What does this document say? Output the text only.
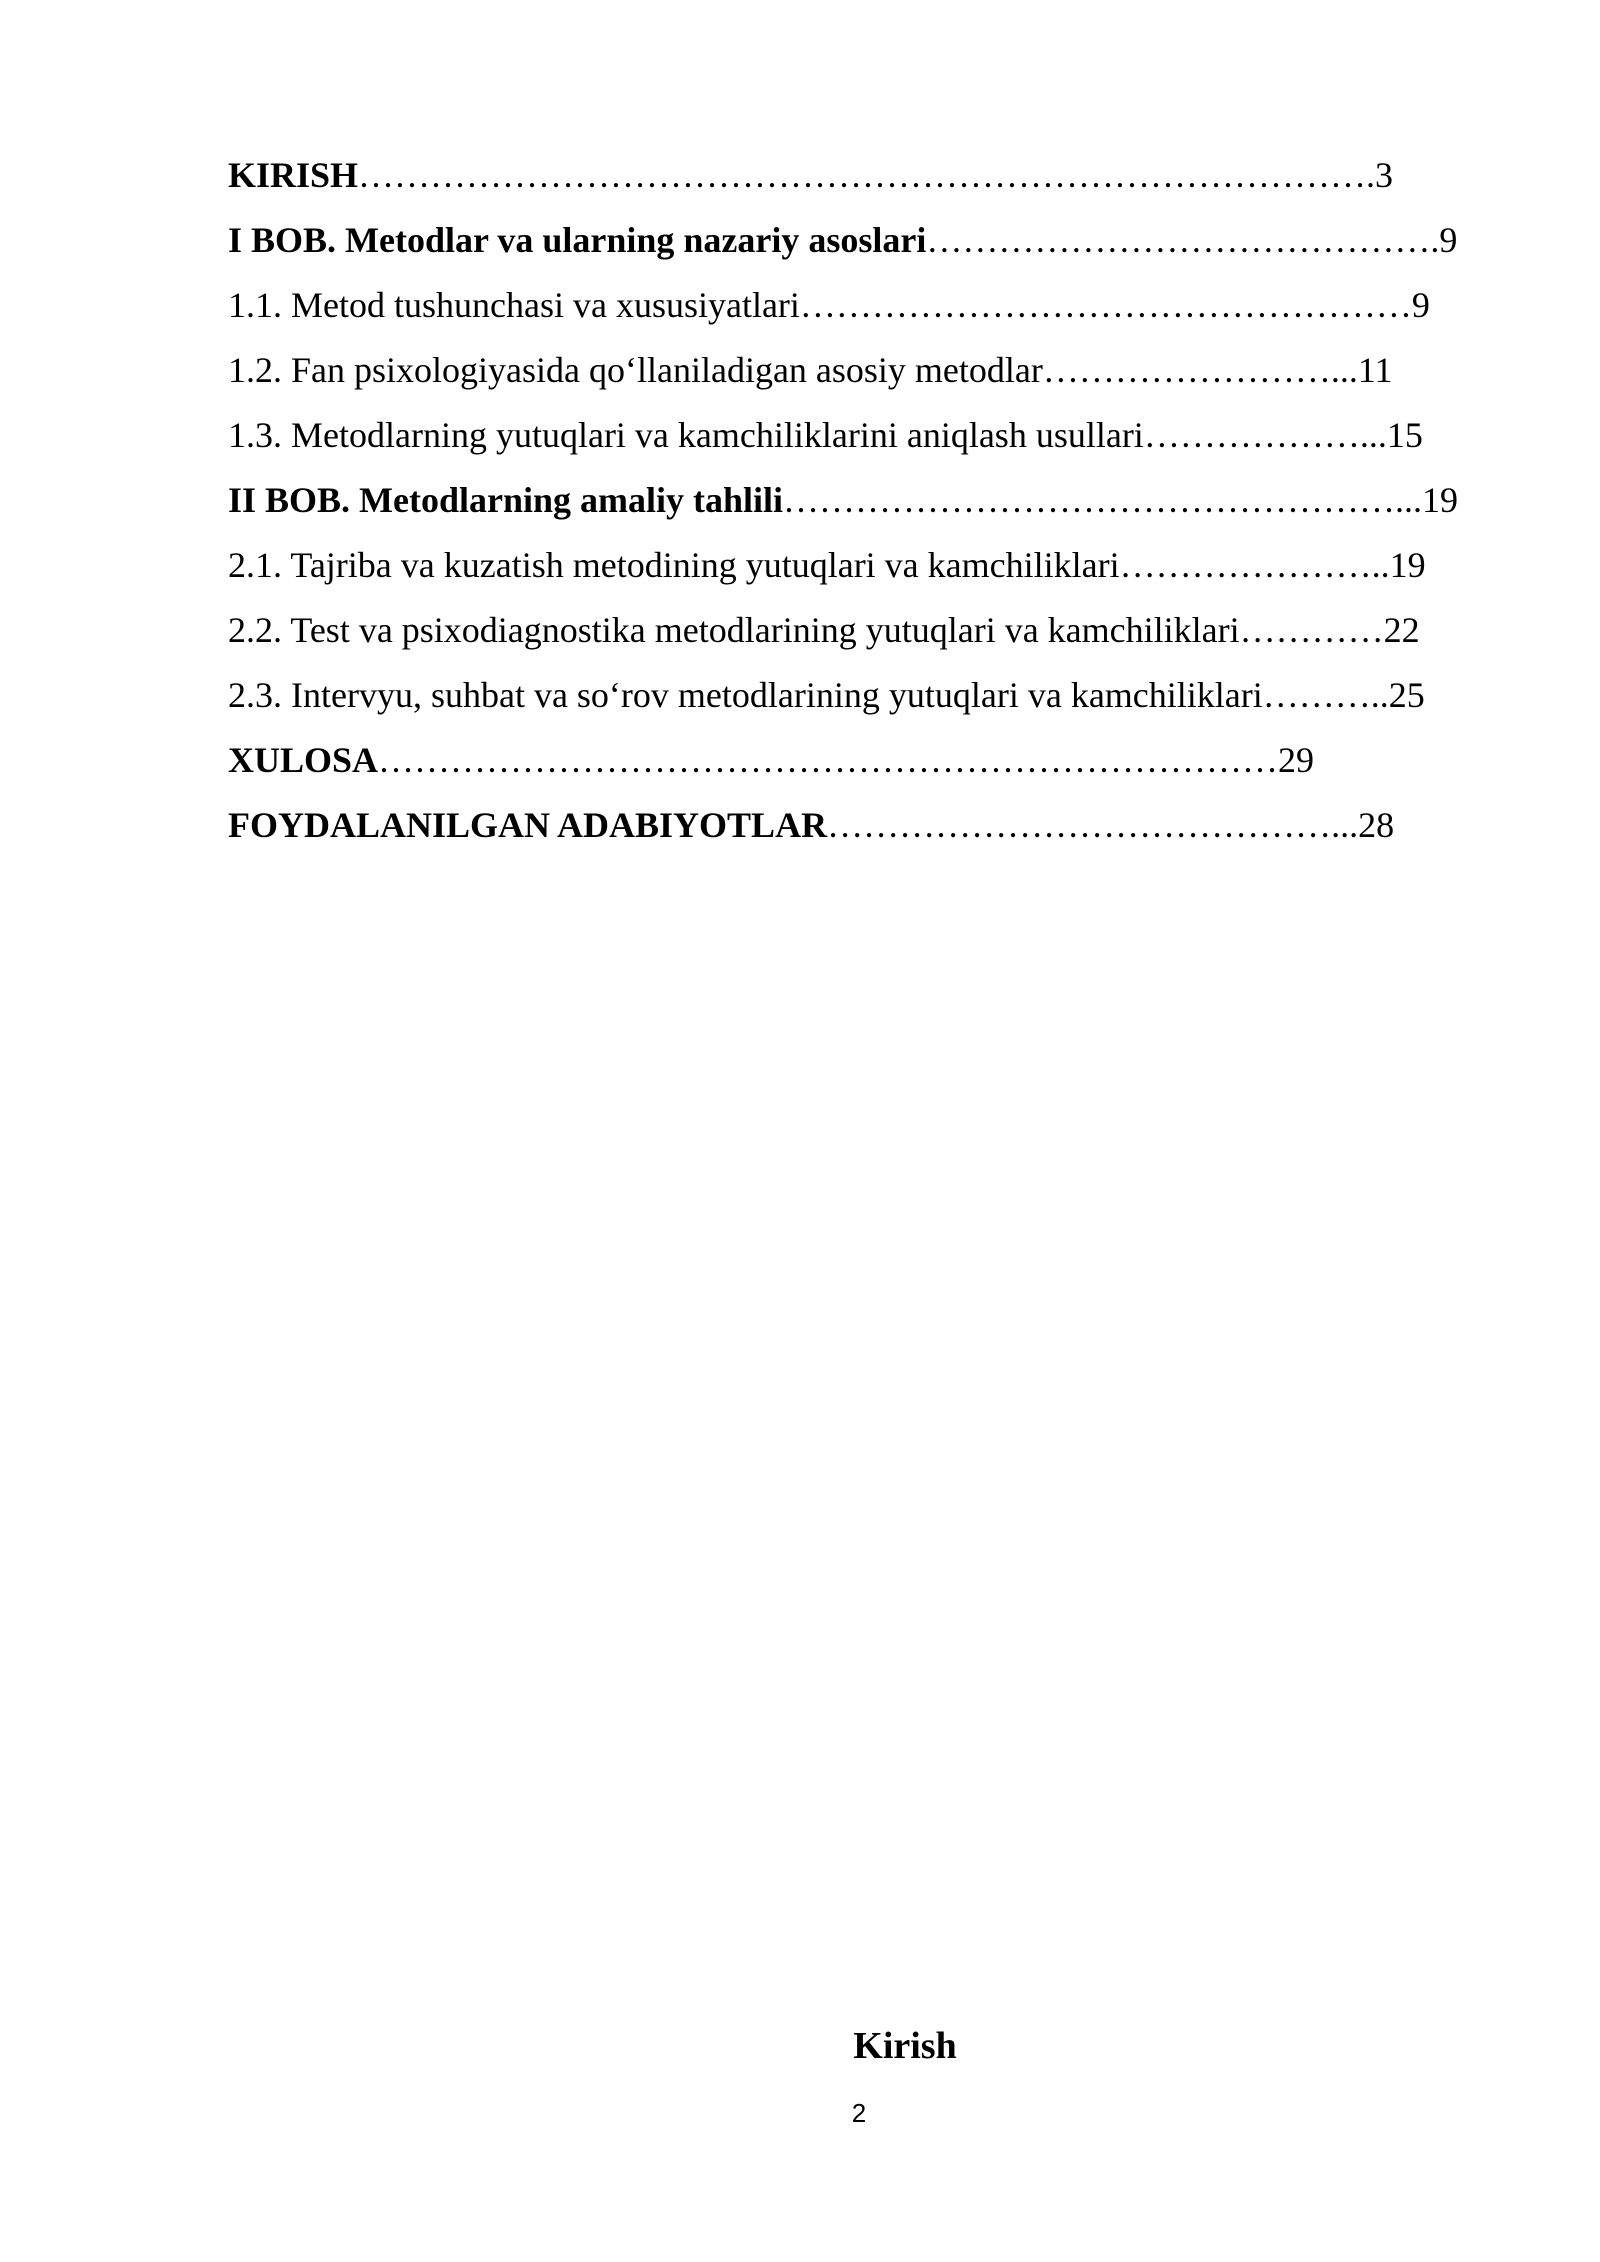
KIRISH………………………………………………………………………….3
I BOB. Metodlar va ularning nazariy asoslari…………………………………….9
1.1. Metod tushunchasi va xususiyatlari……………………………………………9
1.2. Fan psixologiyasida qo‘llaniladigan asosiy metodlar……………………...11
1.3. Metodlarning yutuqlari va kamchiliklarini aniqlash usullari………………...15
II BOB. Metodlarning amaliy tahlili……………………………………………...19
2.1. Tajriba va kuzatish metodining yutuqlari va kamchiliklari…………………..19
2.2. Test va psixodiagnostika metodlarining yutuqlari va kamchiliklari…………22
2.3. Intervyu, suhbat va so‘rov metodlarining yutuqlari va kamchiliklari………..25
XULOSA…………………………………………………………………29
FOYDALANILGAN ADABIYOTLAR……………………………………...28
Kirish
2
